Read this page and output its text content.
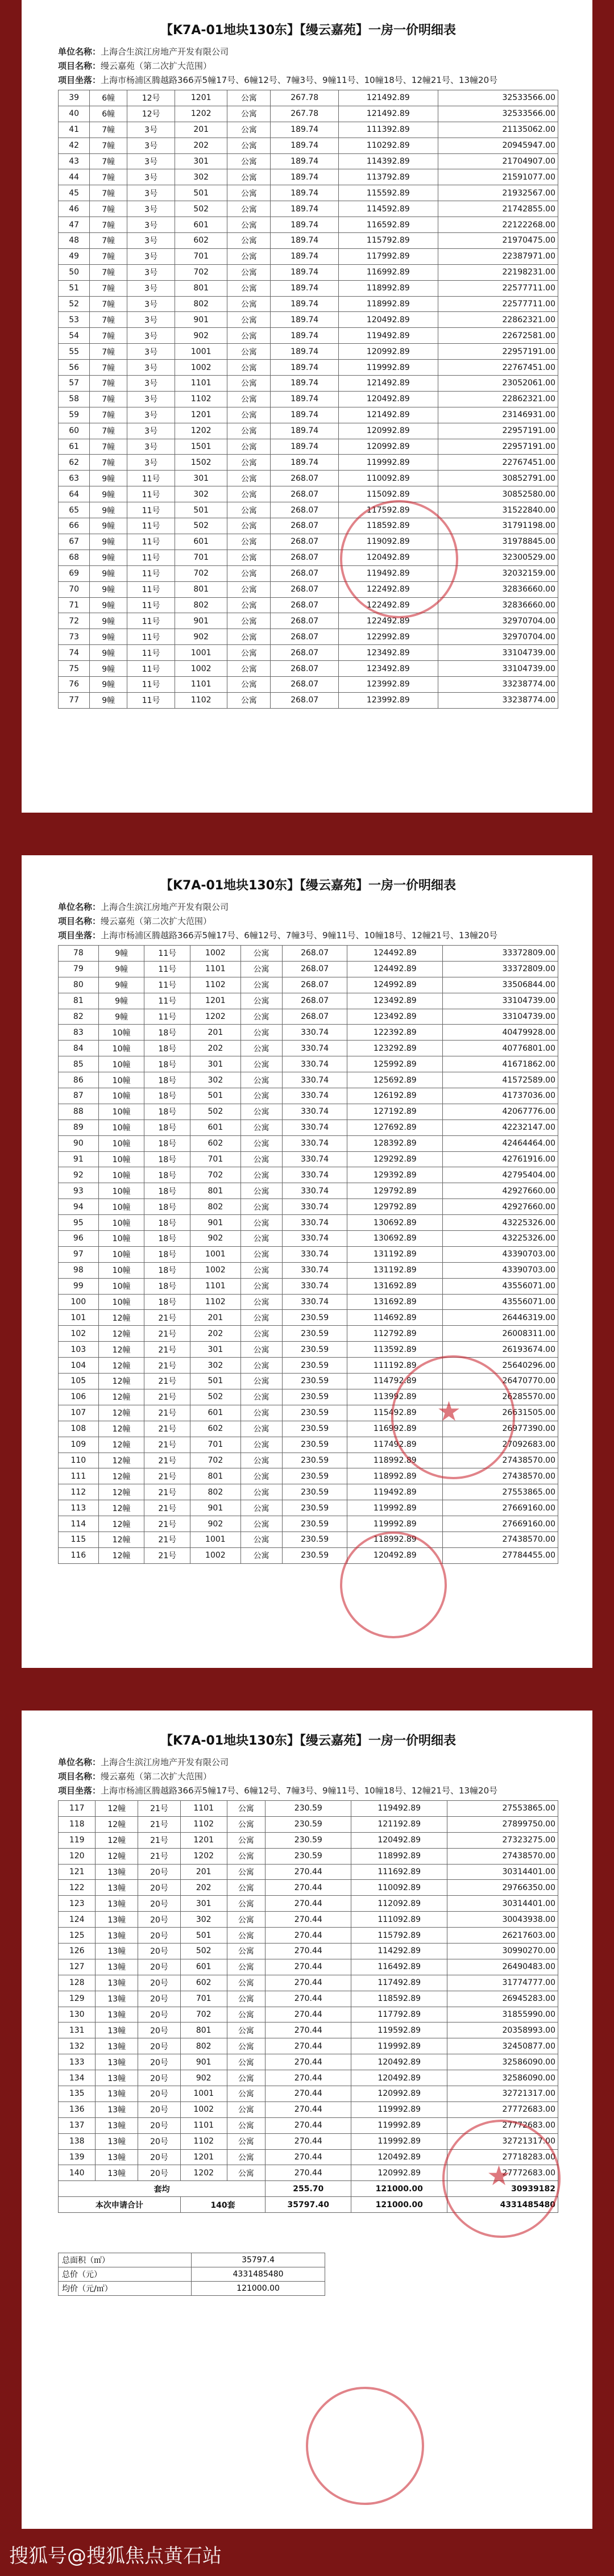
【K7A-01地块130东】【缦云嘉苑】一房一价明细表
单位名称：上海合生滨江房地产开发有限公司
项目名称：缦云嘉苑（第二次扩大范围）
项目坐落：上海市杨浦区腾越路366弄5幢17号、6幢12号、7幢3号、9幢11号、10幢18号、12幢21号、13幢20号
39	6幢	12号	1201	公寓	267.78	121492.89	32533566.00
40	6幢	12号	1202	公寓	267.78	121492.89	32533566.00
41	7幢	3号	201	公寓	189.74	111392.89	21135062.00
42	7幢	3号	202	公寓	189.74	110292.89	20945947.00
43	7幢	3号	301	公寓	189.74	114392.89	21704907.00
44	7幢	3号	302	公寓	189.74	113792.89	21591077.00
45	7幢	3号	501	公寓	189.74	115592.89	21932567.00
46	7幢	3号	502	公寓	189.74	114592.89	21742855.00
47	7幢	3号	601	公寓	189.74	116592.89	22122268.00
48	7幢	3号	602	公寓	189.74	115792.89	21970475.00
49	7幢	3号	701	公寓	189.74	117992.89	22387971.00
50	7幢	3号	702	公寓	189.74	116992.89	22198231.00
51	7幢	3号	801	公寓	189.74	118992.89	22577711.00
52	7幢	3号	802	公寓	189.74	118992.89	22577711.00
53	7幢	3号	901	公寓	189.74	120492.89	22862321.00
54	7幢	3号	902	公寓	189.74	119492.89	22672581.00
55	7幢	3号	1001	公寓	189.74	120992.89	22957191.00
56	7幢	3号	1002	公寓	189.74	119992.89	22767451.00
57	7幢	3号	1101	公寓	189.74	121492.89	23052061.00
58	7幢	3号	1102	公寓	189.74	120492.89	22862321.00
59	7幢	3号	1201	公寓	189.74	121492.89	23146931.00
60	7幢	3号	1202	公寓	189.74	120992.89	22957191.00
61	7幢	3号	1501	公寓	189.74	120992.89	22957191.00
62	7幢	3号	1502	公寓	189.74	119992.89	22767451.00
63	9幢	11号	301	公寓	268.07	110092.89	30852791.00
64	9幢	11号	302	公寓	268.07	115092.89	30852580.00
65	9幢	11号	501	公寓	268.07	117592.89	31522840.00
66	9幢	11号	502	公寓	268.07	118592.89	31791198.00
67	9幢	11号	601	公寓	268.07	119092.89	31978845.00
68	9幢	11号	701	公寓	268.07	120492.89	32300529.00
69	9幢	11号	702	公寓	268.07	119492.89	32032159.00
70	9幢	11号	801	公寓	268.07	122492.89	32836660.00
71	9幢	11号	802	公寓	268.07	122492.89	32836660.00
72	9幢	11号	901	公寓	268.07	122492.89	32970704.00
73	9幢	11号	902	公寓	268.07	122992.89	32970704.00
74	9幢	11号	1001	公寓	268.07	123492.89	33104739.00
75	9幢	11号	1002	公寓	268.07	123492.89	33104739.00
76	9幢	11号	1101	公寓	268.07	123992.89	33238774.00
77	9幢	11号	1102	公寓	268.07	123992.89	33238774.00
【K7A-01地块130东】【缦云嘉苑】一房一价明细表
单位名称：上海合生滨江房地产开发有限公司
项目名称：缦云嘉苑（第二次扩大范围）
项目坐落：上海市杨浦区腾越路366弄5幢17号、6幢12号、7幢3号、9幢11号、10幢18号、12幢21号、13幢20号
78	9幢	11号	1002	公寓	268.07	124492.89	33372809.00
79	9幢	11号	1101	公寓	268.07	124492.89	33372809.00
80	9幢	11号	1102	公寓	268.07	124992.89	33506844.00
81	9幢	11号	1201	公寓	268.07	123492.89	33104739.00
82	9幢	11号	1202	公寓	268.07	123492.89	33104739.00
83	10幢	18号	201	公寓	330.74	122392.89	40479928.00
84	10幢	18号	202	公寓	330.74	123292.89	40776801.00
85	10幢	18号	301	公寓	330.74	125992.89	41671862.00
86	10幢	18号	302	公寓	330.74	125692.89	41572589.00
87	10幢	18号	501	公寓	330.74	126192.89	41737036.00
88	10幢	18号	502	公寓	330.74	127192.89	42067776.00
89	10幢	18号	601	公寓	330.74	127692.89	42232147.00
90	10幢	18号	602	公寓	330.74	128392.89	42464464.00
91	10幢	18号	701	公寓	330.74	129292.89	42761916.00
92	10幢	18号	702	公寓	330.74	129392.89	42795404.00
93	10幢	18号	801	公寓	330.74	129792.89	42927660.00
94	10幢	18号	802	公寓	330.74	129792.89	42927660.00
95	10幢	18号	901	公寓	330.74	130692.89	43225326.00
96	10幢	18号	902	公寓	330.74	130692.89	43225326.00
97	10幢	18号	1001	公寓	330.74	131192.89	43390703.00
98	10幢	18号	1002	公寓	330.74	131192.89	43390703.00
99	10幢	18号	1101	公寓	330.74	131692.89	43556071.00
100	10幢	18号	1102	公寓	330.74	131692.89	43556071.00
101	12幢	21号	201	公寓	230.59	114692.89	26446319.00
102	12幢	21号	202	公寓	230.59	112792.89	26008311.00
103	12幢	21号	301	公寓	230.59	113592.89	26193674.00
104	12幢	21号	302	公寓	230.59	111192.89	25640296.00
105	12幢	21号	501	公寓	230.59	114792.89	26470770.00
106	12幢	21号	502	公寓	230.59	113992.89	26285570.00
107	12幢	21号	601	公寓	230.59	115492.89	26631505.00
108	12幢	21号	602	公寓	230.59	116992.89	26977390.00
109	12幢	21号	701	公寓	230.59	117492.89	27092683.00
110	12幢	21号	702	公寓	230.59	118992.89	27438570.00
111	12幢	21号	801	公寓	230.59	118992.89	27438570.00
112	12幢	21号	802	公寓	230.59	119492.89	27553865.00
113	12幢	21号	901	公寓	230.59	119992.89	27669160.00
114	12幢	21号	902	公寓	230.59	119992.89	27669160.00
115	12幢	21号	1001	公寓	230.59	118992.89	27438570.00
116	12幢	21号	1002	公寓	230.59	120492.89	27784455.00
★
【K7A-01地块130东】【缦云嘉苑】一房一价明细表
单位名称：上海合生滨江房地产开发有限公司
项目名称：缦云嘉苑（第二次扩大范围）
项目坐落：上海市杨浦区腾越路366弄5幢17号、6幢12号、7幢3号、9幢11号、10幢18号、12幢21号、13幢20号
117	12幢	21号	1101	公寓	230.59	119492.89	27553865.00
118	12幢	21号	1102	公寓	230.59	121192.89	27899750.00
119	12幢	21号	1201	公寓	230.59	120492.89	27323275.00
120	12幢	21号	1202	公寓	230.59	118992.89	27438570.00
121	13幢	20号	201	公寓	270.44	111692.89	30314401.00
122	13幢	20号	202	公寓	270.44	110092.89	29766350.00
123	13幢	20号	301	公寓	270.44	112092.89	30314401.00
124	13幢	20号	302	公寓	270.44	111092.89	30043938.00
125	13幢	20号	501	公寓	270.44	115792.89	26217603.00
126	13幢	20号	502	公寓	270.44	114292.89	30990270.00
127	13幢	20号	601	公寓	270.44	116492.89	26490483.00
128	13幢	20号	602	公寓	270.44	117492.89	31774777.00
129	13幢	20号	701	公寓	270.44	118592.89	26945283.00
130	13幢	20号	702	公寓	270.44	117792.89	31855990.00
131	13幢	20号	801	公寓	270.44	119592.89	20358993.00
132	13幢	20号	802	公寓	270.44	119992.89	32450877.00
133	13幢	20号	901	公寓	270.44	120492.89	32586090.00
134	13幢	20号	902	公寓	270.44	120492.89	32586090.00
135	13幢	20号	1001	公寓	270.44	120992.89	32721317.00
136	13幢	20号	1002	公寓	270.44	119992.89	27772683.00
137	13幢	20号	1101	公寓	270.44	119992.89	27772683.00
138	13幢	20号	1102	公寓	270.44	119992.89	32721317.00
139	13幢	20号	1201	公寓	270.44	120492.89	27718283.00
140	13幢	20号	1202	公寓	270.44	120992.89	27772683.00
套均					255.70	121000.00	30939182
本次申请合计			140套		35797.40	121000.00	4331485480
总面积（㎡）	35797.4
总价（元）	4331485480
均价（元/㎡）	121000.00
★
搜狐号@搜狐焦点黄石站
